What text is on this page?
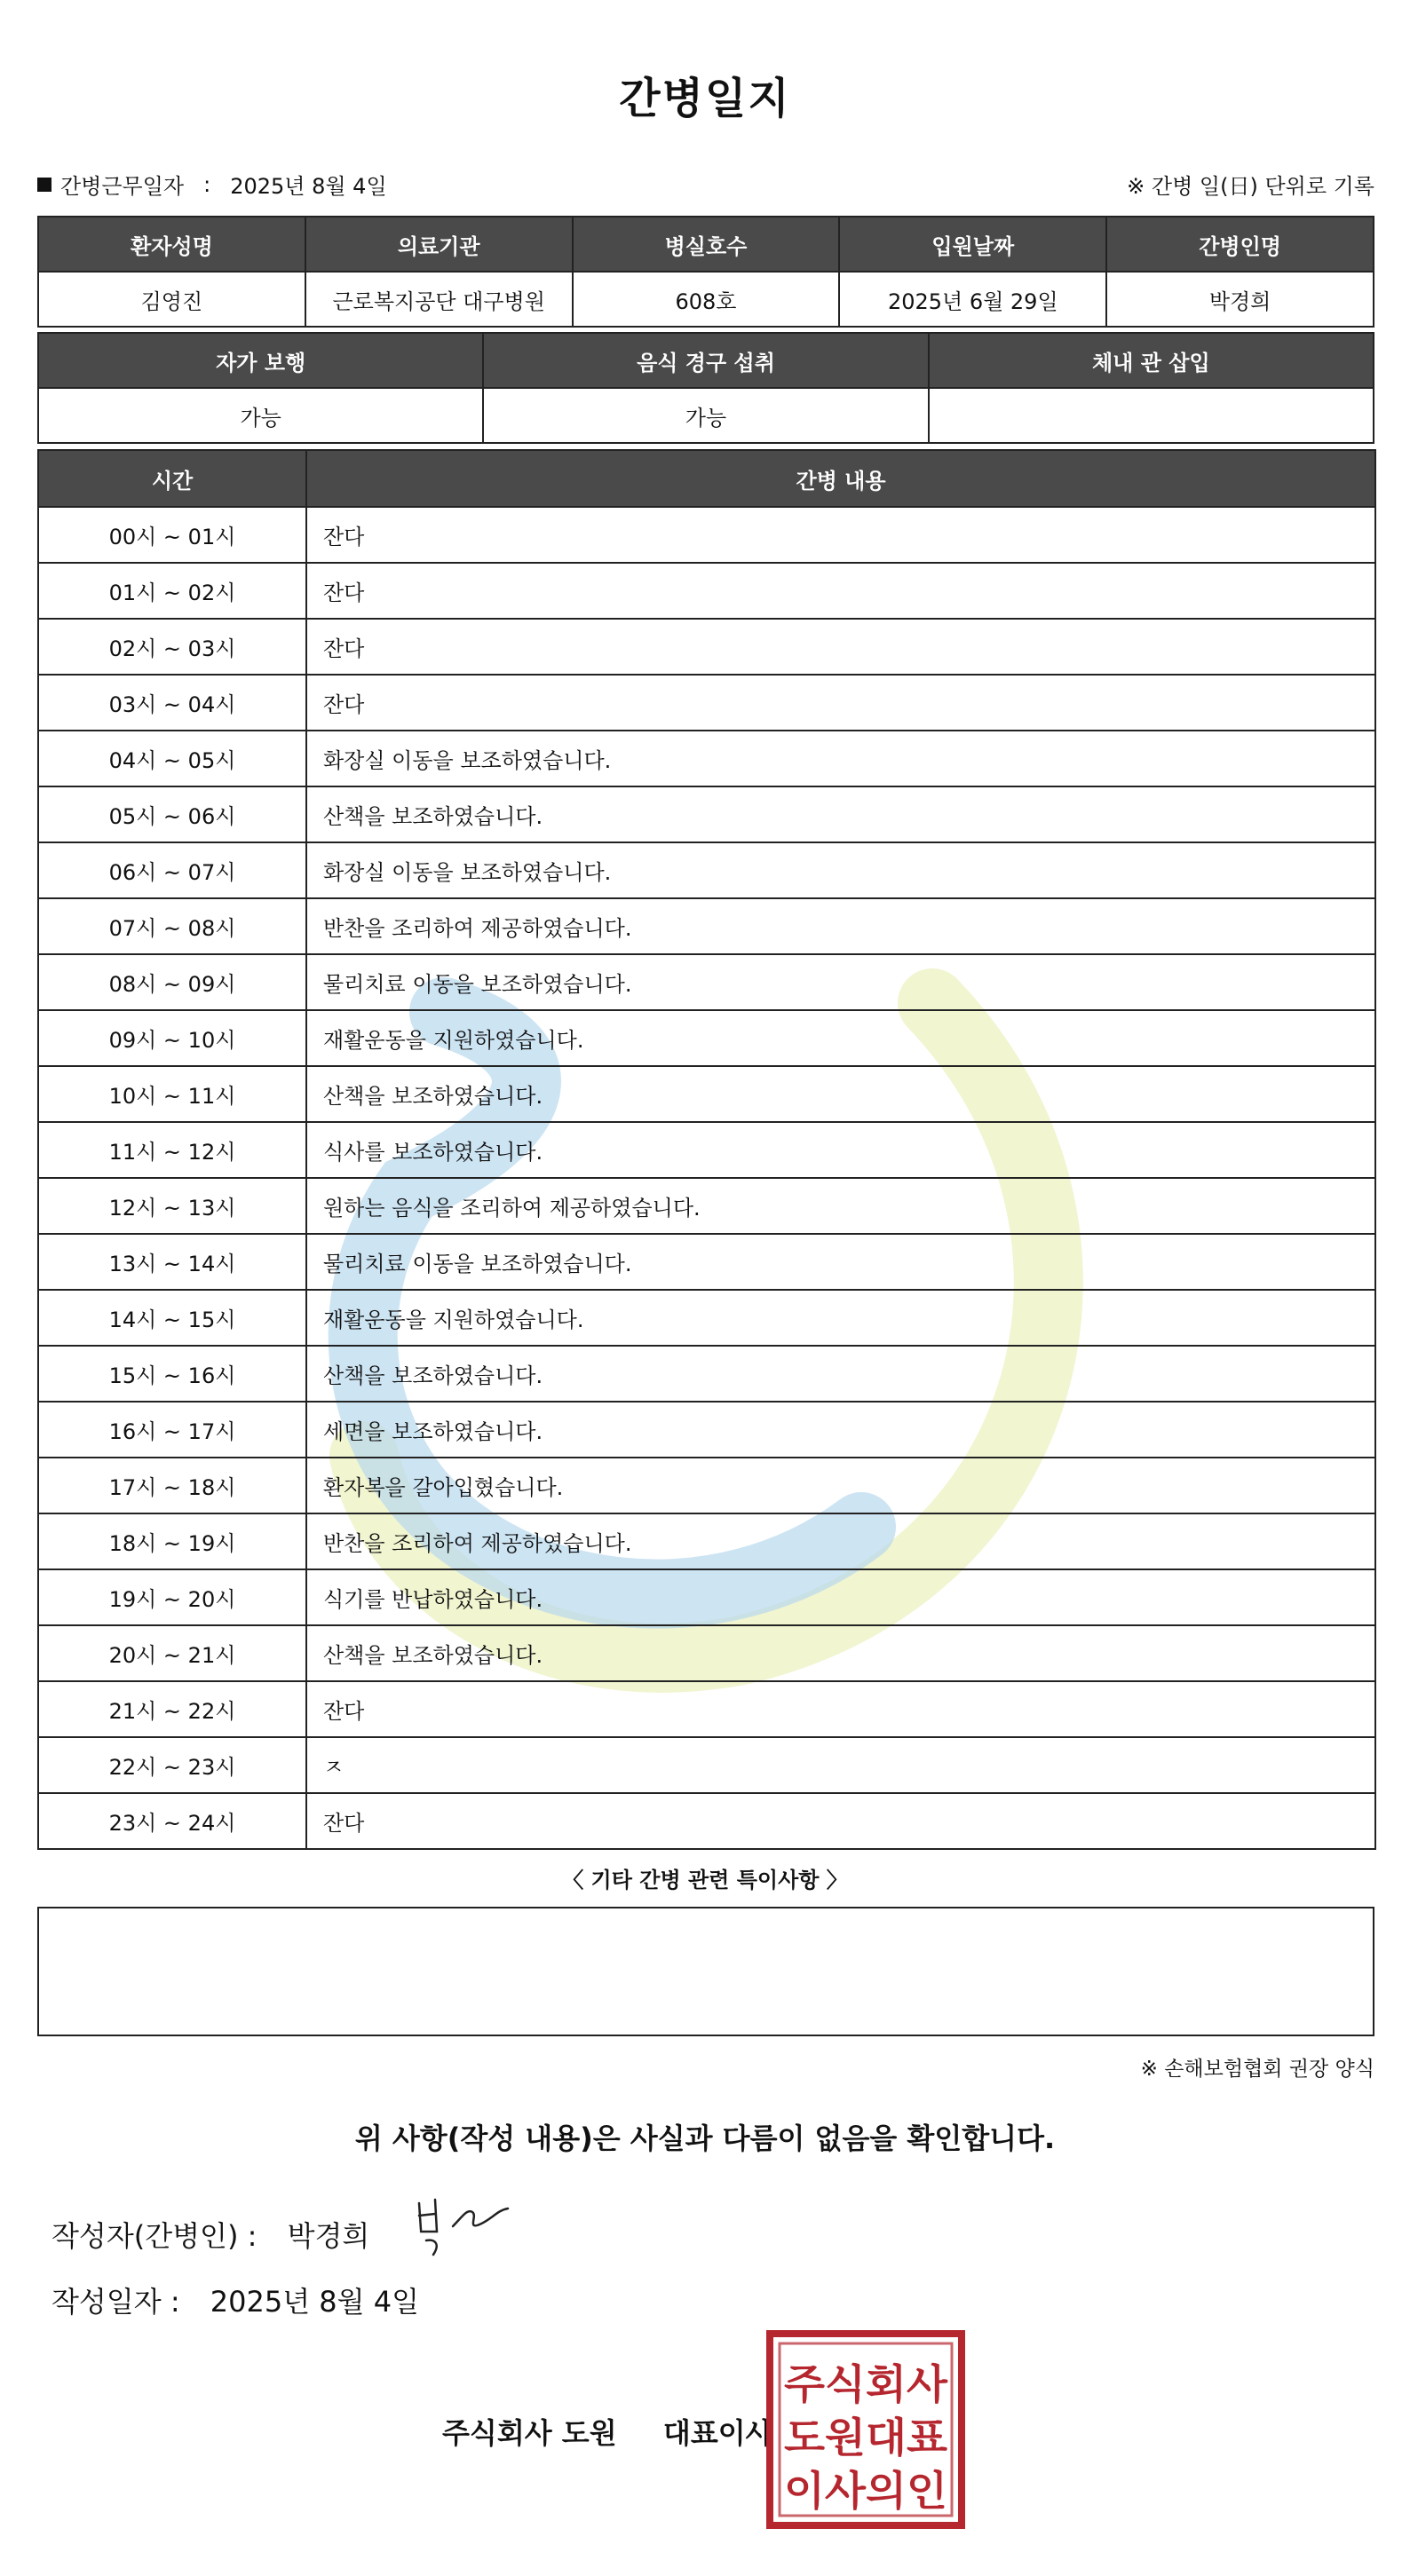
간병일지
간병근무일자 : 2025년 8월 4일	※ 간병 일(日) 단위로 기록
환자성명	의료기관	병실호수	입원날짜	간병인명
김영진	근로복지공단 대구병원	608호	2025년 6월 29일	박경희
자가 보행	음식 경구 섭취	체내 관 삽입
가능	가능	
시간	간병 내용
00시 ~ 01시	잔다
01시 ~ 02시	잔다
02시 ~ 03시	잔다
03시 ~ 04시	잔다
04시 ~ 05시	화장실 이동을 보조하였습니다.
05시 ~ 06시	산책을 보조하였습니다.
06시 ~ 07시	화장실 이동을 보조하였습니다.
07시 ~ 08시	반찬을 조리하여 제공하였습니다.
08시 ~ 09시	물리치료 이동을 보조하였습니다.
09시 ~ 10시	재활운동을 지원하였습니다.
10시 ~ 11시	산책을 보조하였습니다.
11시 ~ 12시	식사를 보조하였습니다.
12시 ~ 13시	원하는 음식을 조리하여 제공하였습니다.
13시 ~ 14시	물리치료 이동을 보조하였습니다.
14시 ~ 15시	재활운동을 지원하였습니다.
15시 ~ 16시	산책을 보조하였습니다.
16시 ~ 17시	세면을 보조하였습니다.
17시 ~ 18시	환자복을 갈아입혔습니다.
18시 ~ 19시	반찬을 조리하여 제공하였습니다.
19시 ~ 20시	식기를 반납하였습니다.
20시 ~ 21시	산책을 보조하였습니다.
21시 ~ 22시	잔다
22시 ~ 23시	ㅈ
23시 ~ 24시	잔다
〈 기타 간병 관련 특이사항 〉
※ 손해보험협회 권장 양식
위 사항(작성 내용)은 사실과 다름이 없음을 확인합니다.
작성자(간병인) : 박경희
작성일자 : 2025년 8월 4일
주식회사 도원 대표이사
주식회사
도원대표
이사의인
